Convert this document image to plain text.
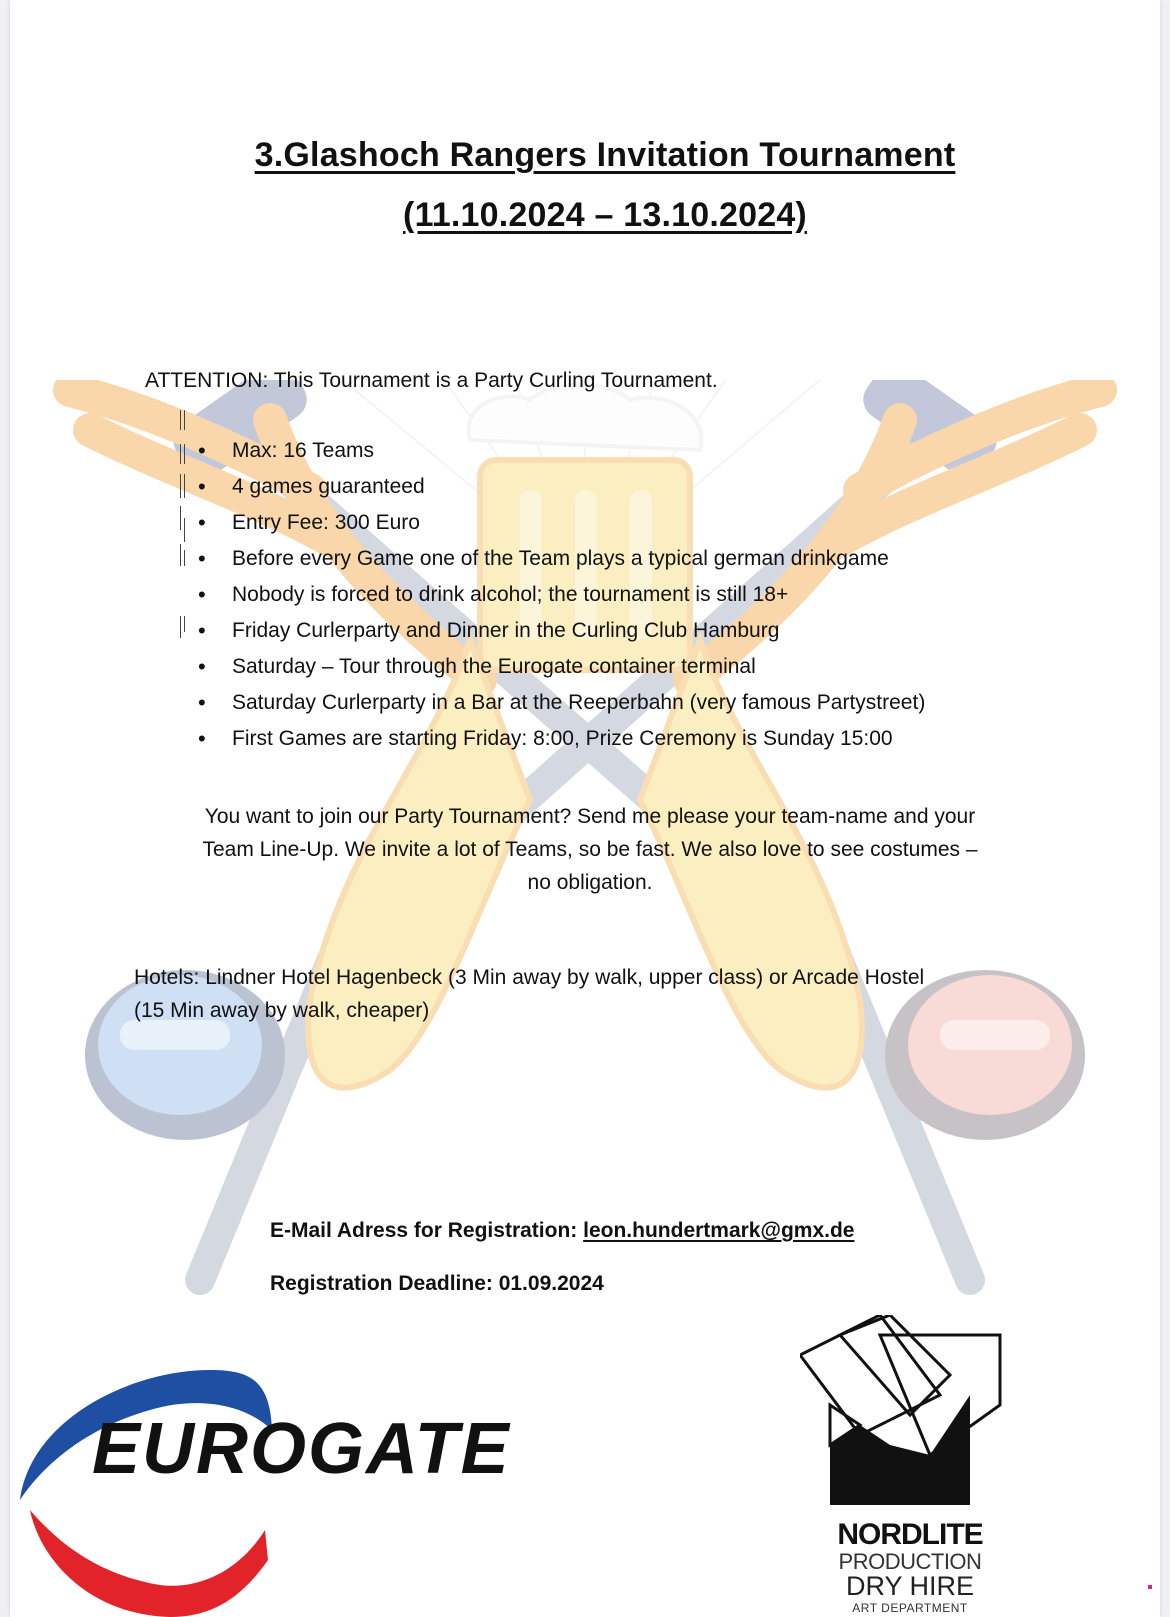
3.Glashoch Rangers Invitation Tournament
(11.10.2024 – 13.10.2024)
ATTENTION: This Tournament is a Party Curling Tournament.
• Max: 16 Teams
• 4 games guaranteed
• Entry Fee: 300 Euro
• Before every Game one of the Team plays a typical german drinkgame
• Nobody is forced to drink alcohol; the tournament is still 18+
• Friday Curlerparty and Dinner in the Curling Club Hamburg
• Saturday – Tour through the Eurogate container terminal
• Saturday Curlerparty in a Bar at the Reeperbahn (very famous Partystreet)
• First Games are starting Friday: 8:00, Prize Ceremony is Sunday 15:00
You want to join our Party Tournament? Send me please your team-name and your
Team Line-Up. We invite a lot of Teams, so be fast. We also love to see costumes –
no obligation.
Hotels: Lindner Hotel Hagenbeck (3 Min away by walk, upper class) or Arcade Hostel
(15 Min away by walk, cheaper)
E-Mail Adress for Registration: leon.hundertmark@gmx.de
Registration Deadline: 01.09.2024
EUROGATE
NORDLITE
PRODUCTION
DRY HIRE
ART DEPARTMENT
